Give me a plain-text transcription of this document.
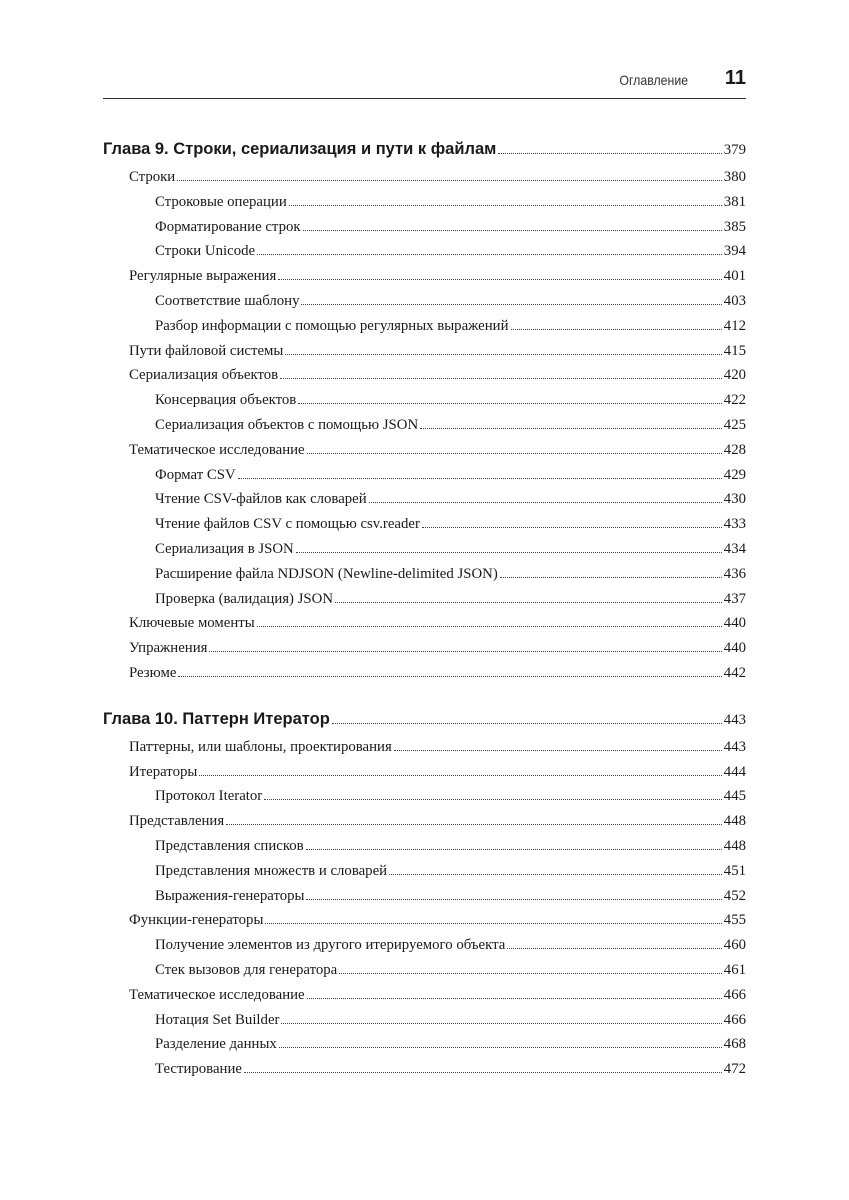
Оглавление 11
Глава 9. Строки, сериализация и пути к файлам	379
Строки	380
Строковые операции	381
Форматирование строк	385
Строки Unicode	394
Регулярные выражения	401
Соответствие шаблону	403
Разбор информации с помощью регулярных выражений	412
Пути файловой системы	415
Сериализация объектов	420
Консервация объектов	422
Сериализация объектов с помощью JSON	425
Тематическое исследование	428
Формат CSV	429
Чтение CSV-файлов как словарей	430
Чтение файлов CSV с помощью csv.reader	433
Сериализация в JSON	434
Расширение файла NDJSON (Newline-delimited JSON)	436
Проверка (валидация) JSON	437
Ключевые моменты	440
Упражнения	440
Резюме	442
Глава 10. Паттерн Итератор	443
Паттерны, или шаблоны, проектирования	443
Итераторы	444
Протокол Iterator	445
Представления	448
Представления списков	448
Представления множеств и словарей	451
Выражения-генераторы	452
Функции-генераторы	455
Получение элементов из другого итерируемого объекта	460
Стек вызовов для генератора	461
Тематическое исследование	466
Нотация Set Builder	466
Разделение данных	468
Тестирование	472
